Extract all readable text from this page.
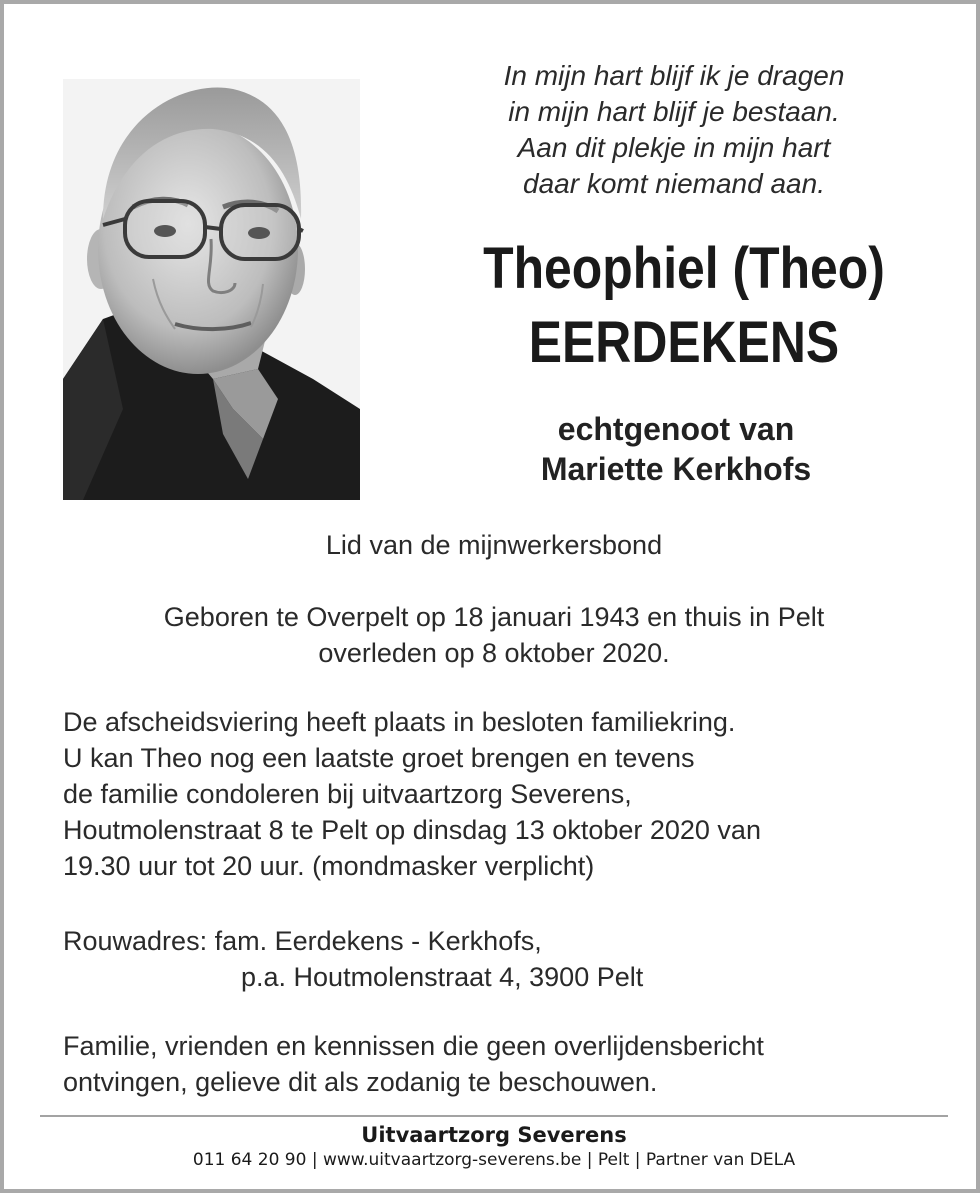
In mijn hart blijf ik je dragen
in mijn hart blijf je bestaan.
Aan dit plekje in mijn hart
daar komt niemand aan.
Theophiel (Theo)
EERDEKENS
echtgenoot van
Mariette Kerkhofs
Lid van de mijnwerkersbond
Geboren te Overpelt op 18 januari 1943 en thuis in Pelt
overleden op 8 oktober 2020.
De afscheidsviering heeft plaats in besloten familiekring.
U kan Theo nog een laatste groet brengen en tevens
de familie condoleren bij uitvaartzorg Severens,
Houtmolenstraat 8 te Pelt op dinsdag 13 oktober 2020 van
19.30 uur tot 20 uur. (mondmasker verplicht)
Rouwadres: fam. Eerdekens - Kerkhofs,
p.a. Houtmolenstraat 4, 3900 Pelt
Familie, vrienden en kennissen die geen overlijdensbericht
ontvingen, gelieve dit als zodanig te beschouwen.
Uitvaartzorg Severens
011 64 20 90 | www.uitvaartzorg-severens.be | Pelt | Partner van DELA
